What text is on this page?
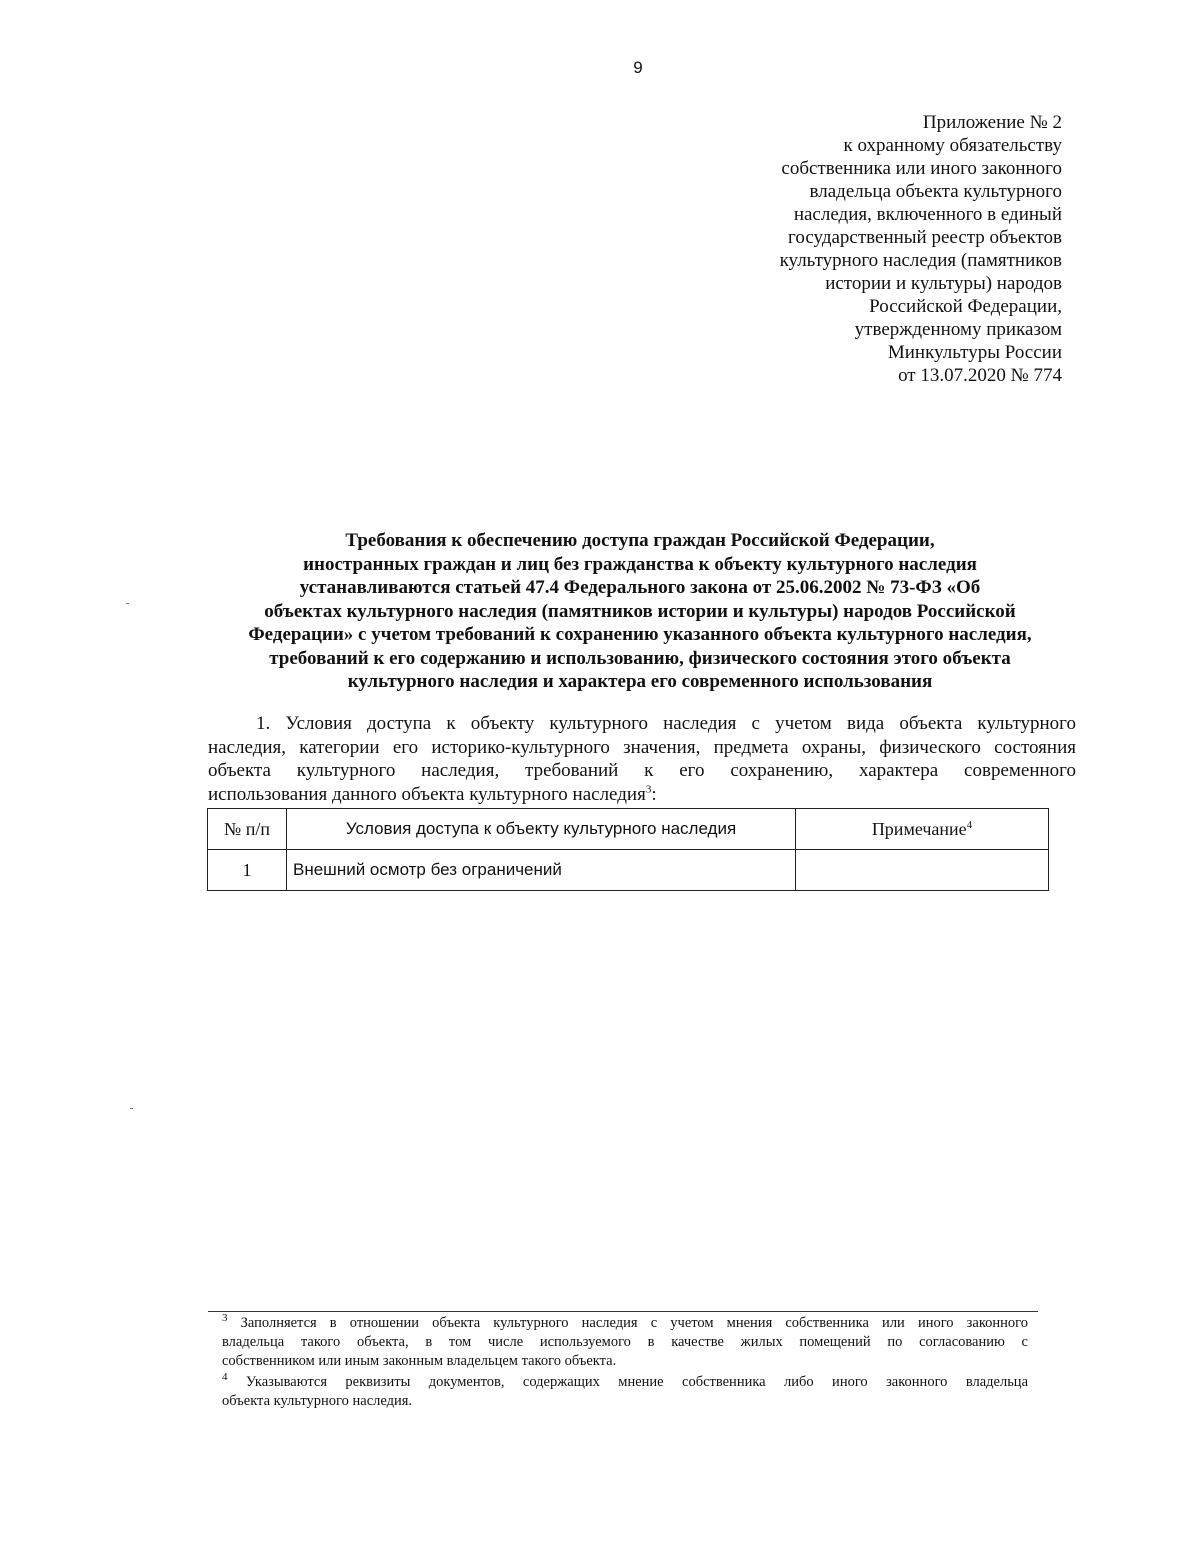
9
Приложение № 2
к охранному обязательству
собственника или иного законного
владельца объекта культурного
наследия, включенного в единый
государственный реестр объектов
культурного наследия (памятников
истории и культуры) народов
Российской Федерации,
утвержденному приказом
Минкультуры России
от 13.07.2020 № 774
Требования к обеспечению доступа граждан Российской Федерации,
иностранных граждан и лиц без гражданства к объекту культурного наследия
устанавливаются статьей 47.4 Федерального закона от 25.06.2002 № 73-ФЗ «Об
объектах культурного наследия (памятников истории и культуры) народов Российской
Федерации» с учетом требований к сохранению указанного объекта культурного наследия,
требований к его содержанию и использованию, физического состояния этого объекта
культурного наследия и характера его современного использования
1. Условия доступа к объекту культурного наследия с учетом вида объекта культурного
наследия, категории его историко-культурного значения, предмета охраны, физического состояния
объекта культурного наследия, требований к его сохранению, характера современного
использования данного объекта культурного наследия$^3$:
№ п/п	Условия доступа к объекту культурного наследия	Примечание$^4$
1	Внешний осмотр без ограничений	

$^3$ Заполняется в отношении объекта культурного наследия с учетом мнения собственника или иного законного
владельца такого объекта, в том числе используемого в качестве жилых помещений по согласованию с
собственником или иным законным владельцем такого объекта.

$^4$ Указываются реквизиты документов, содержащих мнение собственника либо иного законного владельца
объекта культурного наследия.
